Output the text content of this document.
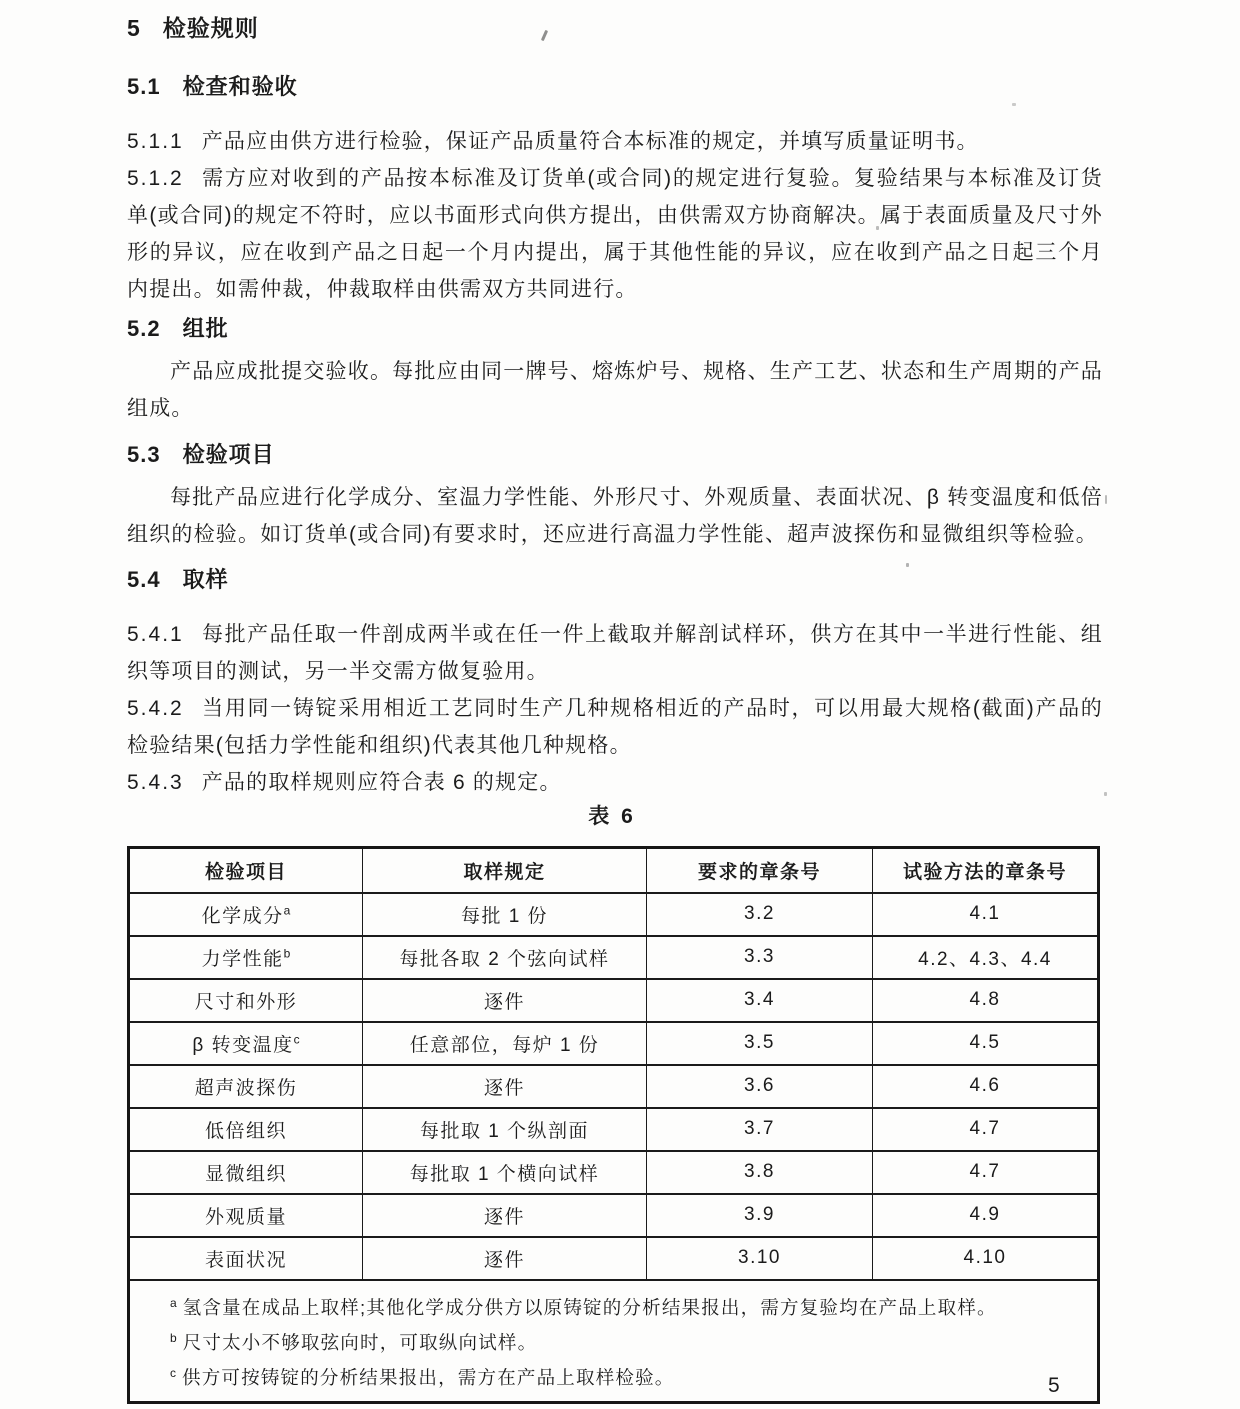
5 检验规则
5.1 检查和验收

5.1.1 产品应由供方进行检验，保证产品质量符合本标准的规定，并填写质量证明书。

5.1.2 需方应对收到的产品按本标准及订货单(或合同)的规定进行复验。复验结果与本标准及订货单(或合同)的规定不符时，应以书面形式向供方提出，由供需双方协商解决。属于表面质量及尺寸外形的异议，应在收到产品之日起一个月内提出，属于其他性能的异议，应在收到产品之日起三个月内提出。如需仲裁，仲裁取样由供需双方共同进行。

5.2 组批

产品应成批提交验收。每批应由同一牌号、熔炼炉号、规格、生产工艺、状态和生产周期的产品组成。

5.3 检验项目

每批产品应进行化学成分、室温力学性能、外形尺寸、外观质量、表面状况、β 转变温度和低倍组织的检验。如订货单(或合同)有要求时，还应进行高温力学性能、超声波探伤和显微组织等检验。

5.4 取样

5.4.1 每批产品任取一件剖成两半或在任一件上截取并解剖试样环，供方在其中一半进行性能、组织等项目的测试，另一半交需方做复验用。

5.4.2 当用同一铸锭采用相近工艺同时生产几种规格相近的产品时，可以用最大规格(截面)产品的检验结果(包括力学性能和组织)代表其他几种规格。

5.4.3 产品的取样规则应符合表 6 的规定。

表 6
检验项目	取样规定	要求的章条号	试验方法的章条号
化学成分$^a$	每批 1 份	3.2	4.1
力学性能$^b$	每批各取 2 个弦向试样	3.3	4.2、4.3、4.4
尺寸和外形	逐件	3.4	4.8
β 转变温度$^c$	任意部位，每炉 1 份	3.5	4.5
超声波探伤	逐件	3.6	4.6
低倍组织	每批取 1 个纵剖面	3.7	4.7
显微组织	每批取 1 个横向试样	3.8	4.7
外观质量	逐件	3.9	4.9
表面状况	逐件	3.10	4.10

$^a$ 氢含量在成品上取样;其他化学成分供方以原铸锭的分析结果报出，需方复验均在产品上取样。
$^b$ 尺寸太小不够取弦向时，可取纵向试样。
$^c$ 供方可按铸锭的分析结果报出，需方在产品上取样检验。				5
